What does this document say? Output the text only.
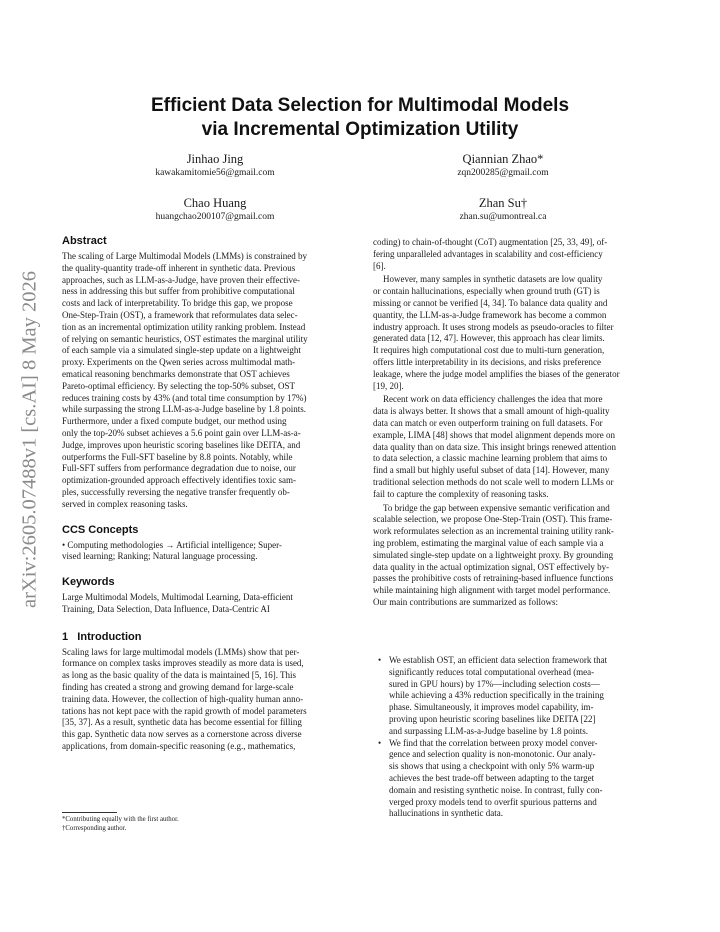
arXiv:2605.07488v1 [cs.AI] 8 May 2026
Efficient Data Selection for Multimodal Models
via Incremental Optimization Utility
Jinhao Jing
kawakamitomie56@gmail.com
Qiannian Zhao*
zqn200285@gmail.com
Chao Huang
huangchao200107@gmail.com
Zhan Su†
zhan.su@umontreal.ca
Abstract
The scaling of Large Multimodal Models (LMMs) is constrained by
the quality-quantity trade-off inherent in synthetic data. Previous
approaches, such as LLM-as-a-Judge, have proven their effective-
ness in addressing this but suffer from prohibitive computational
costs and lack of interpretability. To bridge this gap, we propose
One-Step-Train (OST), a framework that reformulates data selec-
tion as an incremental optimization utility ranking problem. Instead
of relying on semantic heuristics, OST estimates the marginal utility
of each sample via a simulated single-step update on a lightweight
proxy. Experiments on the Qwen series across multimodal math-
ematical reasoning benchmarks demonstrate that OST achieves
Pareto-optimal efficiency. By selecting the top-50% subset, OST
reduces training costs by 43% (and total time consumption by 17%)
while surpassing the strong LLM-as-a-Judge baseline by 1.8 points.
Furthermore, under a fixed compute budget, our method using
only the top-20% subset achieves a 5.6 point gain over LLM-as-a-
Judge, improves upon heuristic scoring baselines like DEITA, and
outperforms the Full-SFT baseline by 8.8 points. Notably, while
Full-SFT suffers from performance degradation due to noise, our
optimization-grounded approach effectively identifies toxic sam-
ples, successfully reversing the negative transfer frequently ob-
served in complex reasoning tasks.
CCS Concepts
• Computing methodologies → Artificial intelligence; Super-
vised learning; Ranking; Natural language processing.
Keywords
Large Multimodal Models, Multimodal Learning, Data-efficient
Training, Data Selection, Data Influence, Data-Centric AI
1 Introduction
Scaling laws for large multimodal models (LMMs) show that per-
formance on complex tasks improves steadily as more data is used,
as long as the basic quality of the data is maintained [5, 16]. This
finding has created a strong and growing demand for large-scale
training data. However, the collection of high-quality human anno-
tations has not kept pace with the rapid growth of model parameters
[35, 37]. As a result, synthetic data has become essential for filling
this gap. Synthetic data now serves as a cornerstone across diverse
applications, from domain-specific reasoning (e.g., mathematics,
*Contributing equally with the first author.
†Corresponding author.
coding) to chain-of-thought (CoT) augmentation [25, 33, 49], of-
fering unparalleled advantages in scalability and cost-efficiency
[6].
However, many samples in synthetic datasets are low quality
or contain hallucinations, especially when ground truth (GT) is
missing or cannot be verified [4, 34]. To balance data quality and
quantity, the LLM-as-a-Judge framework has become a common
industry approach. It uses strong models as pseudo-oracles to filter
generated data [12, 47]. However, this approach has clear limits.
It requires high computational cost due to multi-turn generation,
offers little interpretability in its decisions, and risks preference
leakage, where the judge model amplifies the biases of the generator
[19, 20].
Recent work on data efficiency challenges the idea that more
data is always better. It shows that a small amount of high-quality
data can match or even outperform training on full datasets. For
example, LIMA [48] shows that model alignment depends more on
data quality than on data size. This insight brings renewed attention
to data selection, a classic machine learning problem that aims to
find a small but highly useful subset of data [14]. However, many
traditional selection methods do not scale well to modern LLMs or
fail to capture the complexity of reasoning tasks.
To bridge the gap between expensive semantic verification and
scalable selection, we propose One-Step-Train (OST). This frame-
work reformulates selection as an incremental training utility rank-
ing problem, estimating the marginal value of each sample via a
simulated single-step update on a lightweight proxy. By grounding
data quality in the actual optimization signal, OST effectively by-
passes the prohibitive costs of retraining-based influence functions
while maintaining high alignment with target model performance.
Our main contributions are summarized as follows:
• We establish OST, an efficient data selection framework that
significantly reduces total computational overhead (mea-
sured in GPU hours) by 17%—including selection costs—
while achieving a 43% reduction specifically in the training
phase. Simultaneously, it improves model capability, im-
proving upon heuristic scoring baselines like DEITA [22]
and surpassing LLM-as-a-Judge baseline by 1.8 points.
• We find that the correlation between proxy model conver-
gence and selection quality is non-monotonic. Our analy-
sis shows that using a checkpoint with only 5% warm-up
achieves the best trade-off between adapting to the target
domain and resisting synthetic noise. In contrast, fully con-
verged proxy models tend to overfit spurious patterns and
hallucinations in synthetic data.
